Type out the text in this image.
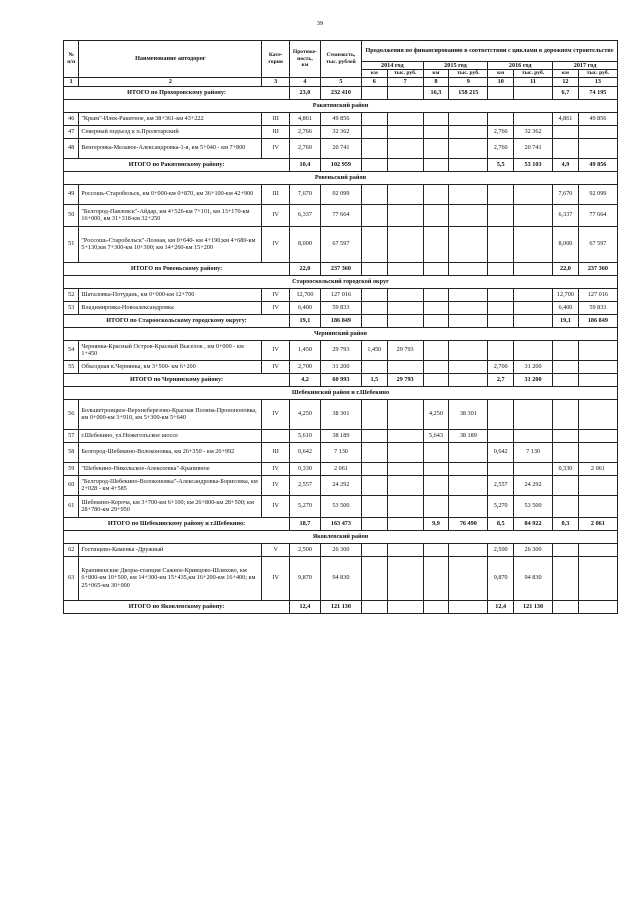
39
№
п/п	Наименование автодорог	Кате-
гория	Протяже-
ность,
км	Стоимость,
тыс. рублей	Продолжения по финансированию в соответствии с циклами в дорожном строительстве							
					2014 год		2015 год		2016 год		2017 год	
					км	тыс. руб.	км	тыс. руб.	км	тыс. руб.	км	тыс. руб.
1	2	3	4	5	6	7	8	9	10	11	12	13
ИТОГО по Прохоровскому району:			23,0	232 410			16,3	158 215			6,7	74 195
Ракитянский район												
46	"Крым"-Илек-Ракитное, км 38+361-км 43+222	III	4,861	49 856							4,861	49 856
47	Северный подъезд к п.Пролетарский	III	2,766	32 362					2,766	32 362		
48	Венгеровка-Мелавое-Александровка-1-я, км 5+040 - км 7+800	IV	2,760	20 741					2,760	20 741		
ИТОГО по Ракитянскому району:			10,4	102 959					5,5	53 103	4,9	49 856
Ровеньский район												
49	Россошь-Старобельск, км 0+000-км 0+870, км 36+100-км 42+900	III	7,670	92 099							7,670	92 099
50	"Белгород-Павловск"-Айдар, км 4+526-км 7+101, км 13+170-км 16+000, км 31+318-км 32+250	IV	6,337	77 664							6,337	77 664
51	"Россошь-Старобельск"-Лозная, км 0+640- км 4+190;км 4+680-км 5+130;км 7+300-км 10+300; км 14+260-км 15+200	IV	8,000	67 597							8,000	67 597
ИТОГО по Ровеньскому району:			22,0	237 360							22,0	237 360
Старооскольский городской округ												
52	Шаталовка-Потудань, км 0+000-км 12+700	IV	12,700	127 016							12,700	127 016
53	Владимировка-Новоалександровка	IV	6,400	59 833							6,400	59 833
ИТОГО по Старооскольскому городскому округу:			19,1	186 849							19,1	186 849
Чернянский район												
54	Чернянка-Красный Остров-Красный Выселок , км 0+000 - км 1+450	IV	1,450	29 793	1,450	29 793						
55	Объездная к.Чернянка, км 3+500- км 6+200	IV	2,700	31 200					2,700	31 200		
ИТОГО по Чернянскому району:			4,2	60 993	1,5	29 793			2,7	31 200		
Шебекинский район и г.Шебекино												
56	Большетроицкое-Верхнеберезово-Красная Поляна-Пронопоповка, км 0+000-км 3+910, км 5+300-км 5+640	IV	4,250	38 301			4,250	38 301				
57	г.Шебекино, ул.Нежеголъское шоссе		5,610	38 189			5,643	38 189				
58	Белгород-Шебекино-Волоконовка, км 26+350 - км 26+992	III	0,642	7 130					0,642	7 130		
59	"Шебекино-Никольское-Алексеевка"-Крапивное	IV	0,330	2 061							0,330	2 061
60	"Белгород-Шебекино-Волоконовка"-Александровка-Борисовка, км 2+028 - км 4+585	IV	2,557	24 292					2,557	24 292		
61	Шебекино-Короча, км 3+700-км 6+100; км 26+800-км 28+500; км 28+780-км 29+950	IV	5,270	53 500					5,270	53 500		
ИТОГО по Шебекинскому району и г.Шебекино:			18,7	163 473			9,9	76 490	8,5	84 922	0,3	2 061
Яковлевский район												
62	Гостищево-Каменка -Дружный	V	2,500	26 300					2,500	26 300		
63	Крапивенские Дворы-станция Сажное-Кривцово-Шляхово, км 6+800-км 10+500, км 14+300-км 15+435,км 16+200-км 16+400; км 25+065-км 30+000	IV	9,870	94 830					9,870	94 830		
ИТОГО по Яковлевскому району:			12,4	121 130					12,4	121 130		
